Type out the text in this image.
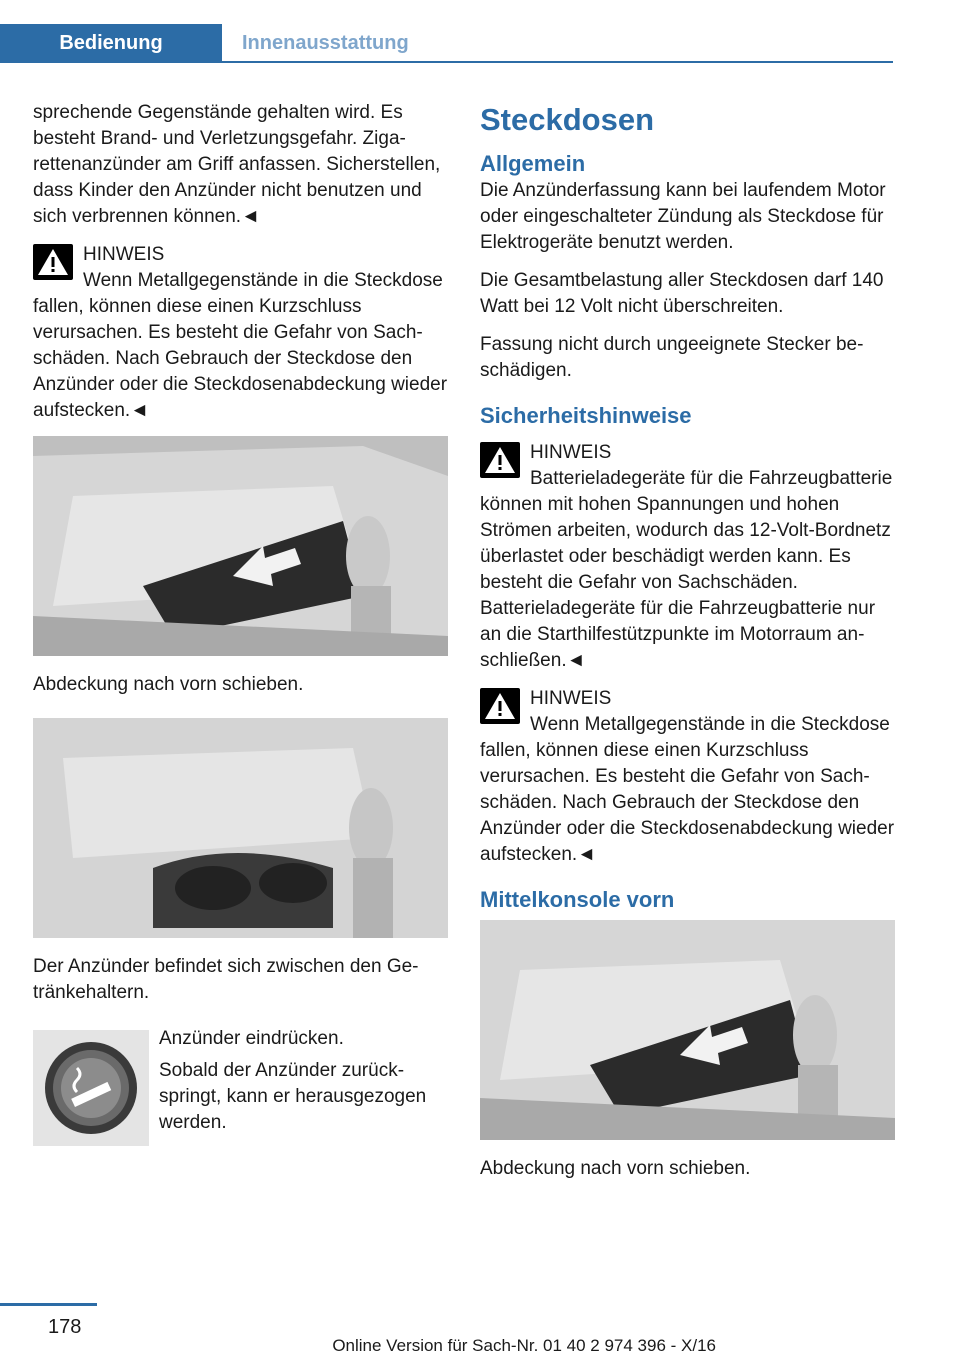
Bedienung	Innenausstattung

sprechende Gegenstände gehalten wird. Es besteht Brand- und Verletzungsgefahr. Zigarettenanzünder am Griff anfassen. Sicherstellen, dass Kinder den Anzünder nicht benutzen und sich verbrennen können.◄

HINWEIS
Wenn Metallgegenstände in die Steckdose fallen, können diese einen Kurzschluss verursachen. Es besteht die Gefahr von Sachschäden. Nach Gebrauch der Steckdose den Anzünder oder die Steckdosenabdeckung wieder aufstecken.◄

Abdeckung nach vorn schieben.

Der Anzünder befindet sich zwischen den Getränkehaltern.

Anzünder eindrücken.

Sobald der Anzünder zurückspringt, kann er herausgezogen werden.

Steckdosen
Allgemein

Die Anzünderfassung kann bei laufendem Motor oder eingeschalteter Zündung als Steckdose für Elektrogeräte benutzt werden.

Die Gesamtbelastung aller Steckdosen darf 140 Watt bei 12 Volt nicht überschreiten.

Fassung nicht durch ungeeignete Stecker beschädigen.

Sicherheitshinweise
HINWEIS
Batterieladegeräte für die Fahrzeugbatterie können mit hohen Spannungen und hohen Strömen arbeiten, wodurch das 12-Volt-Bordnetz überlastet oder beschädigt werden kann. Es besteht die Gefahr von Sachschäden. Batterieladegeräte für die Fahrzeugbatterie nur an die Starthilfestützpunkte im Motorraum anschließen.◄
HINWEIS
Wenn Metallgegenstände in die Steckdose fallen, können diese einen Kurzschluss verursachen. Es besteht die Gefahr von Sachschäden. Nach Gebrauch der Steckdose den Anzünder oder die Steckdosenabdeckung wieder aufstecken.◄
Mittelkonsole vorn

Abdeckung nach vorn schieben.

178
Online Version für Sach-Nr. 01 40 2 974 396 - X/16
